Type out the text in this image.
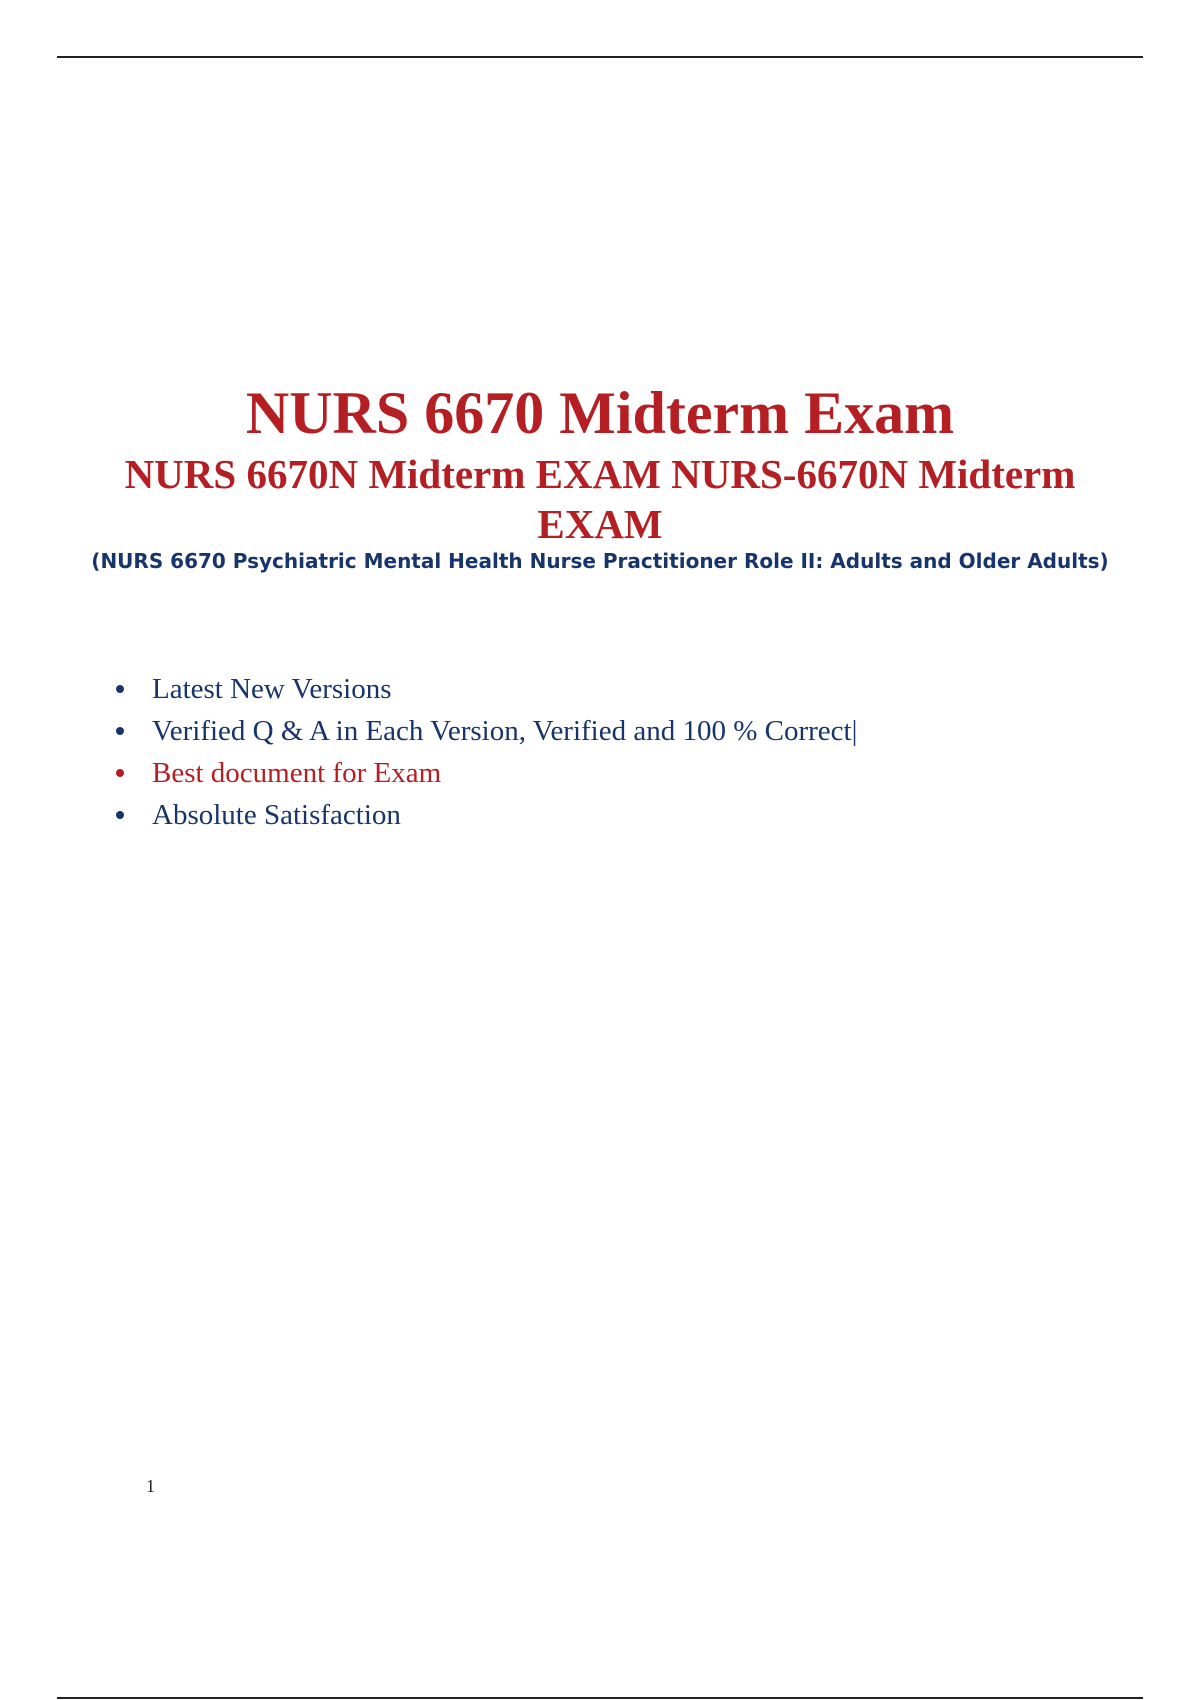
NURS 6670 Midterm Exam
NURS 6670N Midterm EXAM NURS-6670N Midterm EXAM

(NURS 6670 Psychiatric Mental Health Nurse Practitioner Role II: Adults and Older Adults)

Latest New Versions
Verified Q & A in Each Version, Verified and 100 % Correct|
Best document for Exam
Absolute Satisfaction
1
